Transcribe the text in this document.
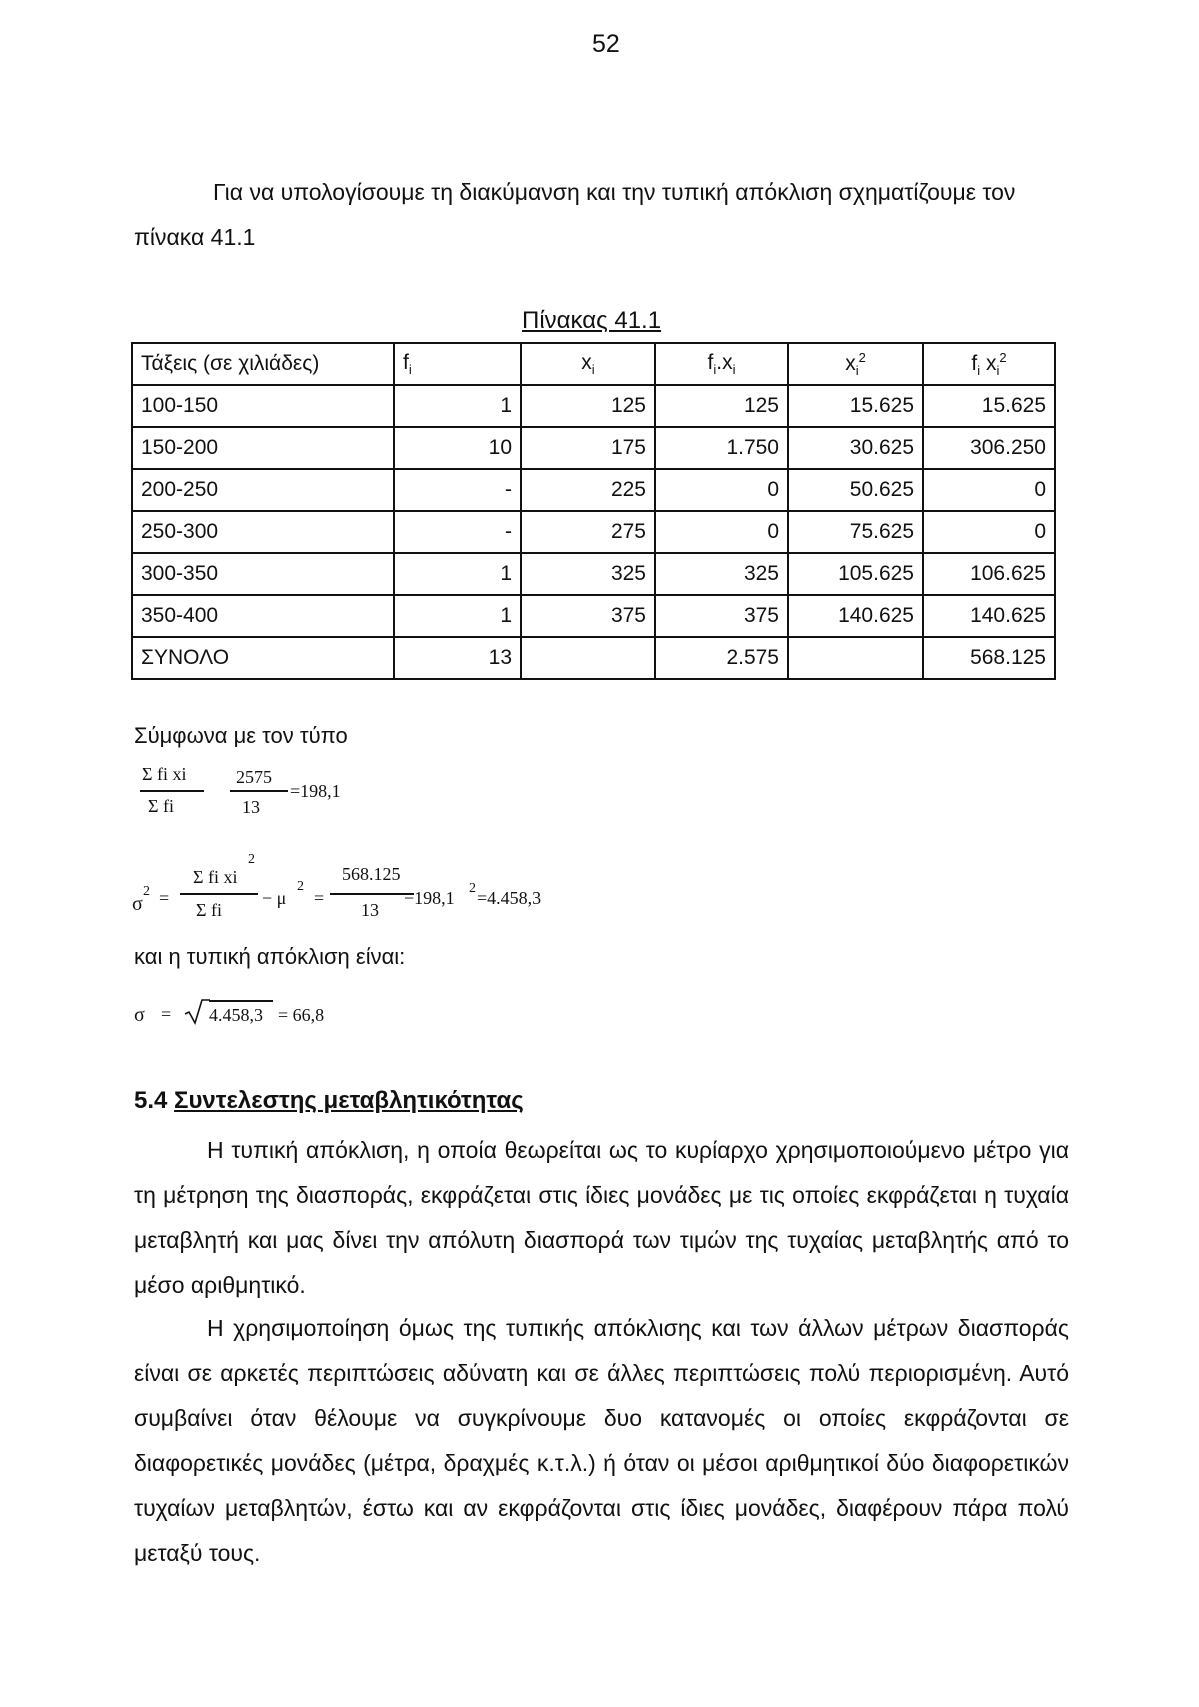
52

Για να υπολογίσουμε τη διακύμανση και την τυπική απόκλιση σχηματίζουμε τον πίνακα 41.1

Πίνακας 41.1
Τάξεις (σε χιλιάδες)	$f_i$	$x_i$	$f_i.x_i$	$x_i^2$	$f_i$ $x_i^2$
100-150	1	125	125	15.625	15.625
150-200	10	175	1.750	30.625	306.250
200-250	-	225	0	50.625	0
250-300	-	275	0	75.625	0
300-350	1	325	325	105.625	106.625
350-400	1	375	375	140.625	140.625
ΣΥΝΟΛΟ	13		2.575		568.125
Σύμφωνα με τον τύπο
Σ fi xi
Σ fi
2575
13
=198,1
σ
2 =
Σ fi xi
2
Σ fi
− μ
2
=
568.125
13
−198,1 2 =4.458,3
και η τυπική απόκλιση είναι:
σ = 4.458,3 = 66,8
5.4 Συντελεστης μεταβλητικότητας

Η τυπική απόκλιση, η οποία θεωρείται ως το κυρίαρχο χρησιμοποιούμενο μέτρο για τη μέτρηση της διασποράς, εκφράζεται στις ίδιες μονάδες με τις οποίες εκφράζεται η τυχαία μεταβλητή και μας δίνει την απόλυτη διασπορά των τιμών της τυχαίας μεταβλητής από το μέσο αριθμητικό.

Η χρησιμοποίηση όμως της τυπικής απόκλισης και των άλλων μέτρων διασποράς είναι σε αρκετές περιπτώσεις αδύνατη και σε άλλες περιπτώσεις πολύ περιορισμένη. Αυτό συμβαίνει όταν θέλουμε να συγκρίνουμε δυο κατανομές οι οποίες εκφράζονται σε διαφορετικές μονάδες (μέτρα, δραχμές κ.τ.λ.) ή όταν οι μέσοι αριθμητικοί δύο διαφορετικών τυχαίων μεταβλητών, έστω και αν εκφράζονται στις ίδιες μονάδες, διαφέρουν πάρα πολύ μεταξύ τους.
